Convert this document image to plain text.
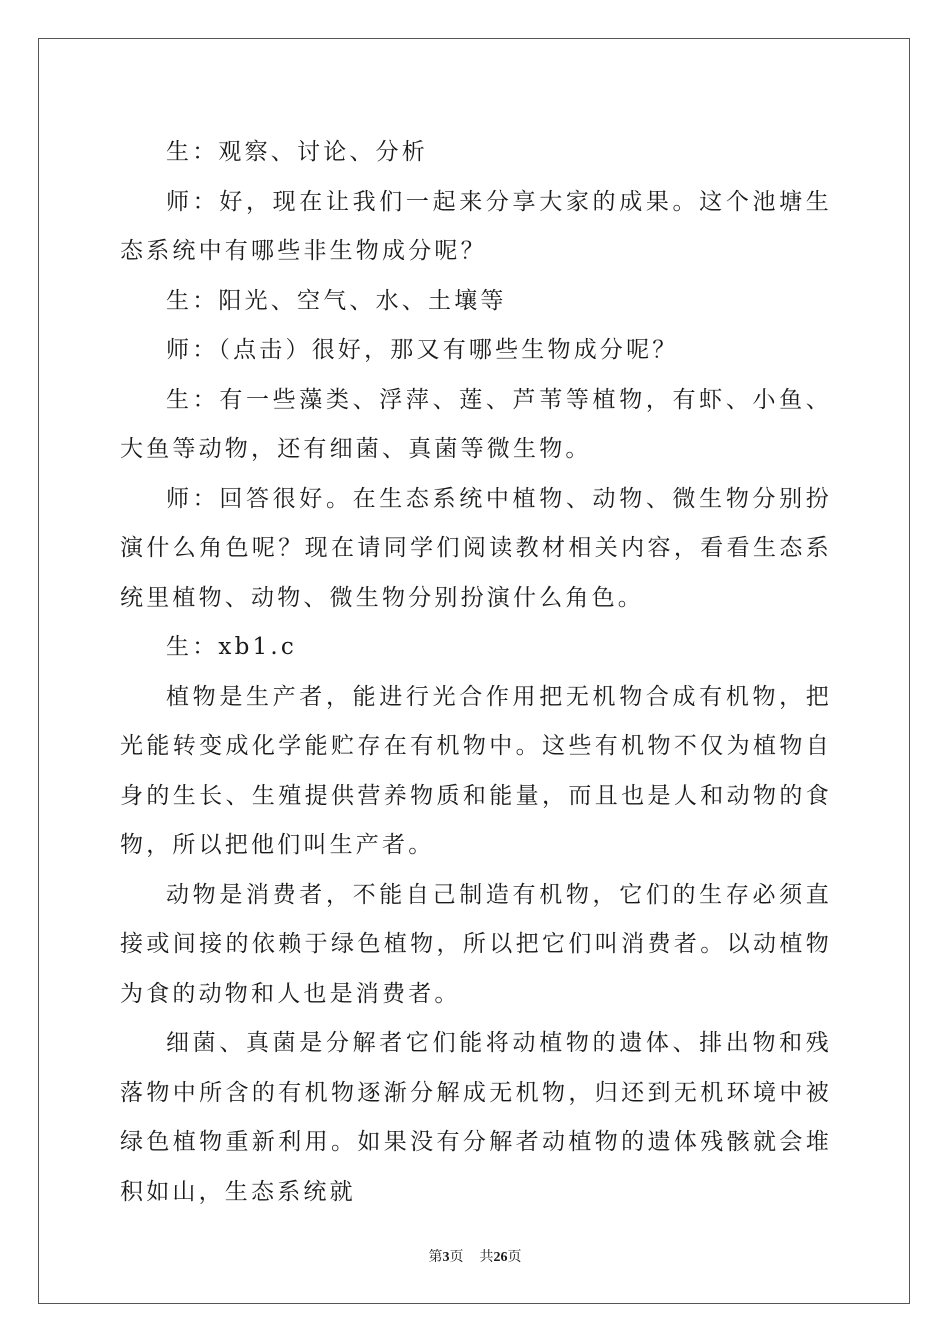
生：观察、讨论、分析

师：好，现在让我们一起来分享大家的成果。这个池塘生态系统中有哪些非生物成分呢？

生：阳光、空气、水、土壤等

师：（点击）很好，那又有哪些生物成分呢？

生：有一些藻类、浮萍、莲、芦苇等植物，有虾、小鱼、大鱼等动物，还有细菌、真菌等微生物。

师：回答很好。在生态系统中植物、动物、微生物分别扮演什么角色呢？现在请同学们阅读教材相关内容，看看生态系统里植物、动物、微生物分别扮演什么角色。

生：xb1.c

植物是生产者，能进行光合作用把无机物合成有机物，把光能转变成化学能贮存在有机物中。这些有机物不仅为植物自身的生长、生殖提供营养物质和能量，而且也是人和动物的食物，所以把他们叫生产者。

动物是消费者，不能自己制造有机物，它们的生存必须直接或间接的依赖于绿色植物，所以把它们叫消费者。以动植物为食的动物和人也是消费者。

细菌、真菌是分解者它们能将动植物的遗体、排出物和残落物中所含的有机物逐渐分解成无机物，归还到无机环境中被绿色植物重新利用。如果没有分解者动植物的遗体残骸就会堆积如山，生态系统就

第3页 共26页
